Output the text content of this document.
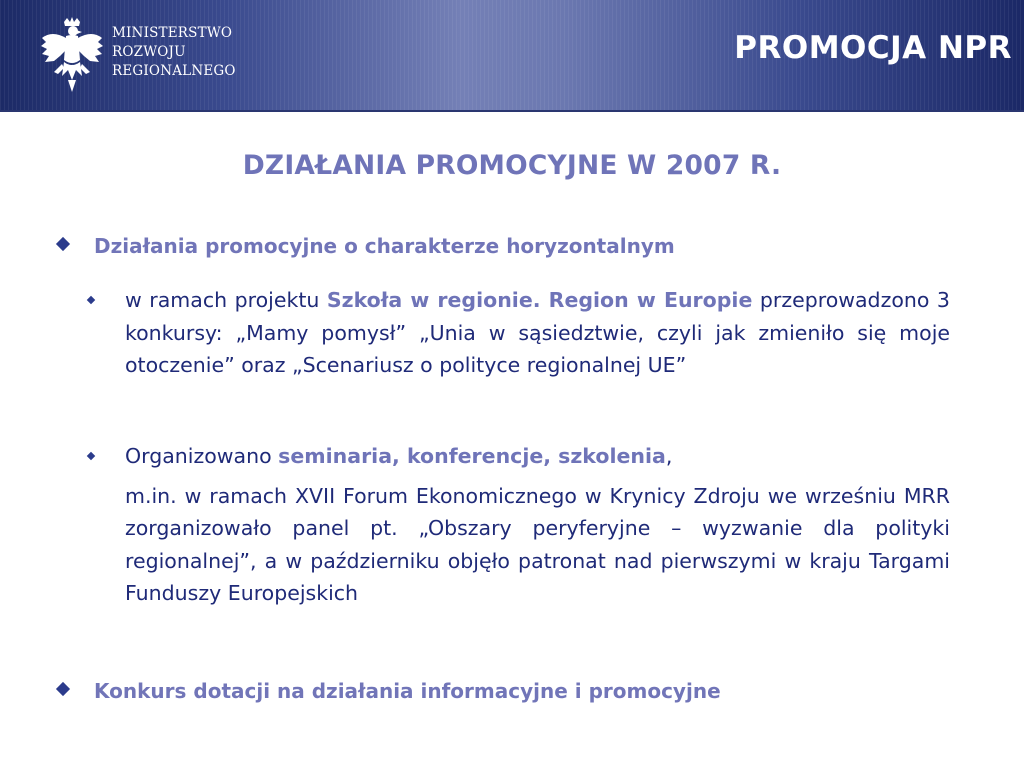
MINISTERSTWO
ROZWOJU
REGIONALNEGO
PROMOCJA NPR
DZIAŁANIA PROMOCYJNE W 2007 R.
Działania promocyjne o charakterze horyzontalnym
w ramach projektu Szkoła w regionie. Region w Europie przeprowadzono 3 konkursy: „Mamy pomysł” „Unia w sąsiedztwie, czyli jak zmieniło się moje otoczenie” oraz „Scenariusz o polityce regionalnej UE”
Organizowano seminaria, konferencje, szkolenia,
m.in. w ramach XVII Forum Ekonomicznego w Krynicy Zdroju we wrześniu MRR zorganizowało panel pt. „Obszary peryferyjne – wyzwanie dla polityki regionalnej”, a w październiku objęło patronat nad pierwszymi w kraju Targami Funduszy Europejskich
Konkurs dotacji na działania informacyjne i promocyjne
